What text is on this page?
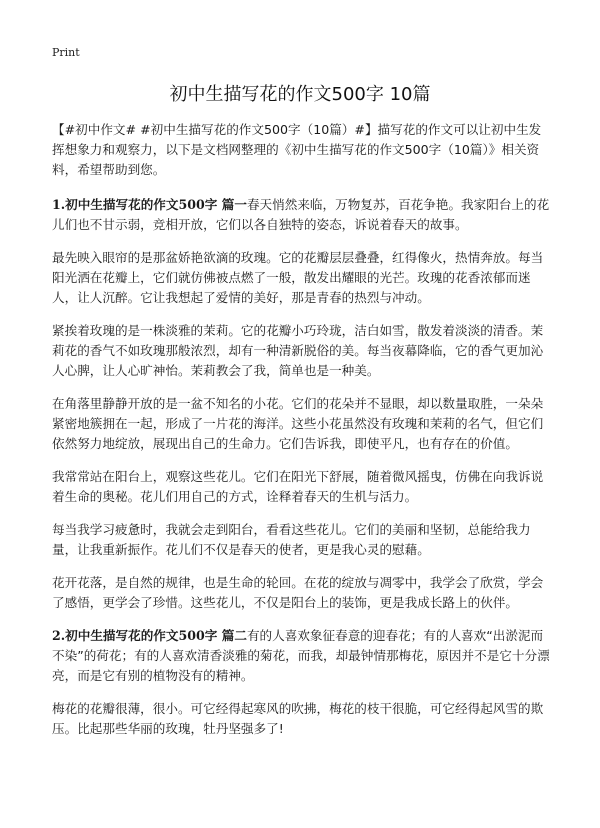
Print
初中生描写花的作文500字 10篇

【#初中作文# #初中生描写花的作文500字（10篇）#】描写花的作文可以让初中生发挥想象力和观察力，以下是文档网整理的《初中生描写花的作文500字（10篇）》相关资料，希望帮助到您。

1.初中生描写花的作文500字 篇一春天悄然来临，万物复苏，百花争艳。我家阳台上的花儿们也不甘示弱，竞相开放，它们以各自独特的姿态，诉说着春天的故事。

最先映入眼帘的是那盆娇艳欲滴的玫瑰。它的花瓣层层叠叠，红得像火，热情奔放。每当阳光洒在花瓣上，它们就仿佛被点燃了一般，散发出耀眼的光芒。玫瑰的花香浓郁而迷人，让人沉醉。它让我想起了爱情的美好，那是青春的热烈与冲动。

紧挨着玫瑰的是一株淡雅的茉莉。它的花瓣小巧玲珑，洁白如雪，散发着淡淡的清香。茉莉花的香气不如玫瑰那般浓烈，却有一种清新脱俗的美。每当夜幕降临，它的香气更加沁人心脾，让人心旷神怡。茉莉教会了我，简单也是一种美。

在角落里静静开放的是一盆不知名的小花。它们的花朵并不显眼，却以数量取胜，一朵朵紧密地簇拥在一起，形成了一片花的海洋。这些小花虽然没有玫瑰和茉莉的名气，但它们依然努力地绽放，展现出自己的生命力。它们告诉我，即使平凡，也有存在的价值。

我常常站在阳台上，观察这些花儿。它们在阳光下舒展，随着微风摇曳，仿佛在向我诉说着生命的奥秘。花儿们用自己的方式，诠释着春天的生机与活力。

每当我学习疲惫时，我就会走到阳台，看看这些花儿。它们的美丽和坚韧，总能给我力量，让我重新振作。花儿们不仅是春天的使者，更是我心灵的慰藉。

花开花落，是自然的规律，也是生命的轮回。在花的绽放与凋零中，我学会了欣赏，学会了感悟，更学会了珍惜。这些花儿，不仅是阳台上的装饰，更是我成长路上的伙伴。

2.初中生描写花的作文500字 篇二有的人喜欢象征春意的迎春花；有的人喜欢“出淤泥而不染”的荷花；有的人喜欢清香淡雅的菊花，而我，却最钟情那梅花，原因并不是它十分漂亮，而是它有别的植物没有的精神。

梅花的花瓣很薄，很小。可它经得起寒风的吹拂，梅花的枝干很脆，可它经得起风雪的欺压。比起那些华丽的玫瑰，牡丹坚强多了!
